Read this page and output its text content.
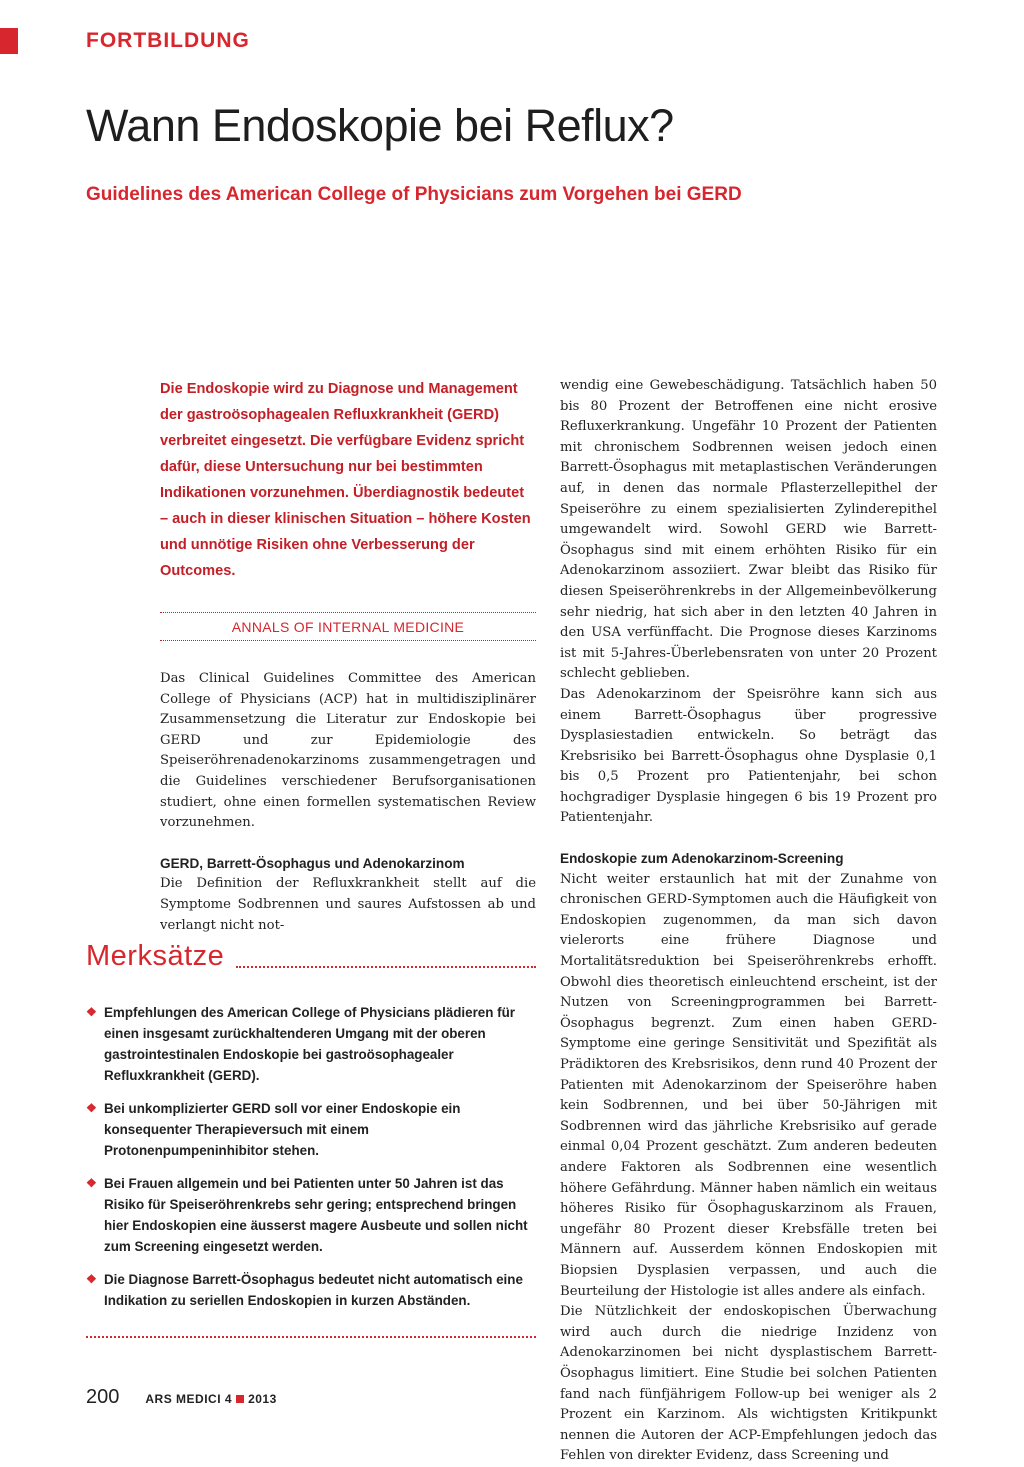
FORTBILDUNG
Wann Endoskopie bei Reflux?
Guidelines des American College of Physicians zum Vorgehen bei GERD

Die Endoskopie wird zu Diagnose und Management der gastroösophagealen Refluxkrankheit (GERD) verbreitet eingesetzt. Die verfügbare Evidenz spricht dafür, diese Untersuchung nur bei bestimmten Indikationen vorzunehmen. Überdiagnostik bedeutet – auch in dieser klinischen Situation – höhere Kosten und unnötige Risiken ohne Verbesserung der Outcomes.

ANNALS OF INTERNAL MEDICINE

Das Clinical Guidelines Committee des American College of Physicians (ACP) hat in multidisziplinärer Zusammensetzung die Literatur zur Endoskopie bei GERD und zur Epidemiologie des Speiseröhrenadenokarzinoms zusammengetragen und die Guidelines verschiedener Berufsorganisationen studiert, ohne einen formellen systematischen Review vorzunehmen.

GERD, Barrett-Ösophagus und Adenokarzinom

Die Definition der Refluxkrankheit stellt auf die Symptome Sodbrennen und saures Aufstossen ab und verlangt nicht not-

wendig eine Gewebeschädigung. Tatsächlich haben 50 bis 80 Prozent der Betroffenen eine nicht erosive Refluxerkrankung. Ungefähr 10 Prozent der Patienten mit chronischem Sodbrennen weisen jedoch einen Barrett-Ösophagus mit metaplastischen Veränderungen auf, in denen das normale Pflasterzellepithel der Speiseröhre zu einem spezialisierten Zylinderepithel umgewandelt wird. Sowohl GERD wie Barrett-Ösophagus sind mit einem erhöhten Risiko für ein Adenokarzinom assoziiert. Zwar bleibt das Risiko für diesen Speiseröhrenkrebs in der Allgemeinbevölkerung sehr niedrig, hat sich aber in den letzten 40 Jahren in den USA verfünffacht. Die Prognose dieses Karzinoms ist mit 5-Jahres-Überlebensraten von unter 20 Prozent schlecht geblieben.

Das Adenokarzinom der Speisröhre kann sich aus einem Barrett-Ösophagus über progressive Dysplasiestadien entwickeln. So beträgt das Krebsrisiko bei Barrett-Ösophagus ohne Dysplasie 0,1 bis 0,5 Prozent pro Patientenjahr, bei schon hochgradiger Dysplasie hingegen 6 bis 19 Prozent pro Patientenjahr.

Endoskopie zum Adenokarzinom-Screening

Nicht weiter erstaunlich hat mit der Zunahme von chronischen GERD-Symptomen auch die Häufigkeit von Endoskopien zugenommen, da man sich davon vielerorts eine frühere Diagnose und Mortalitätsreduktion bei Speiseröhrenkrebs erhofft. Obwohl dies theoretisch einleuchtend erscheint, ist der Nutzen von Screeningprogrammen bei Barrett-Ösophagus begrenzt. Zum einen haben GERD-Symptome eine geringe Sensitivität und Spezifität als Prädiktoren des Krebsrisikos, denn rund 40 Prozent der Patienten mit Adenokarzinom der Speiseröhre haben kein Sodbrennen, und bei über 50-Jährigen mit Sodbrennen wird das jährliche Krebsrisiko auf gerade einmal 0,04 Prozent geschätzt. Zum anderen bedeuten andere Faktoren als Sodbrennen eine wesentlich höhere Gefährdung. Männer haben nämlich ein weitaus höheres Risiko für Ösophaguskarzinom als Frauen, ungefähr 80 Prozent dieser Krebsfälle treten bei Männern auf. Ausserdem können Endoskopien mit Biopsien Dysplasien verpassen, und auch die Beurteilung der Histologie ist alles andere als einfach.

Die Nützlichkeit der endoskopischen Überwachung wird auch durch die niedrige Inzidenz von Adenokarzinomen bei nicht dysplastischem Barrett-Ösophagus limitiert. Eine Studie bei solchen Patienten fand nach fünfjährigem Follow-up bei weniger als 2 Prozent ein Karzinom. Als wichtigsten Kritikpunkt nennen die Autoren der ACP-Empfehlungen jedoch das Fehlen von direkter Evidenz, dass Screening und

Merksätze
❖ Empfehlungen des American College of Physicians plädieren für einen insgesamt zurückhaltenderen Umgang mit der oberen gastrointestinalen Endoskopie bei gastroösophagealer Refluxkrankheit (GERD).
❖ Bei unkomplizierter GERD soll vor einer Endoskopie ein konsequenter Therapieversuch mit einem Protonenpumpeninhibitor stehen.
❖ Bei Frauen allgemein und bei Patienten unter 50 Jahren ist das Risiko für Speiseröhrenkrebs sehr gering; entsprechend bringen hier Endoskopien eine äusserst magere Ausbeute und sollen nicht zum Screening eingesetzt werden.
❖ Die Diagnose Barrett-Ösophagus bedeutet nicht automatisch eine Indikation zu seriellen Endoskopien in kurzen Abständen.
200 ARS MEDICI 4 2013
